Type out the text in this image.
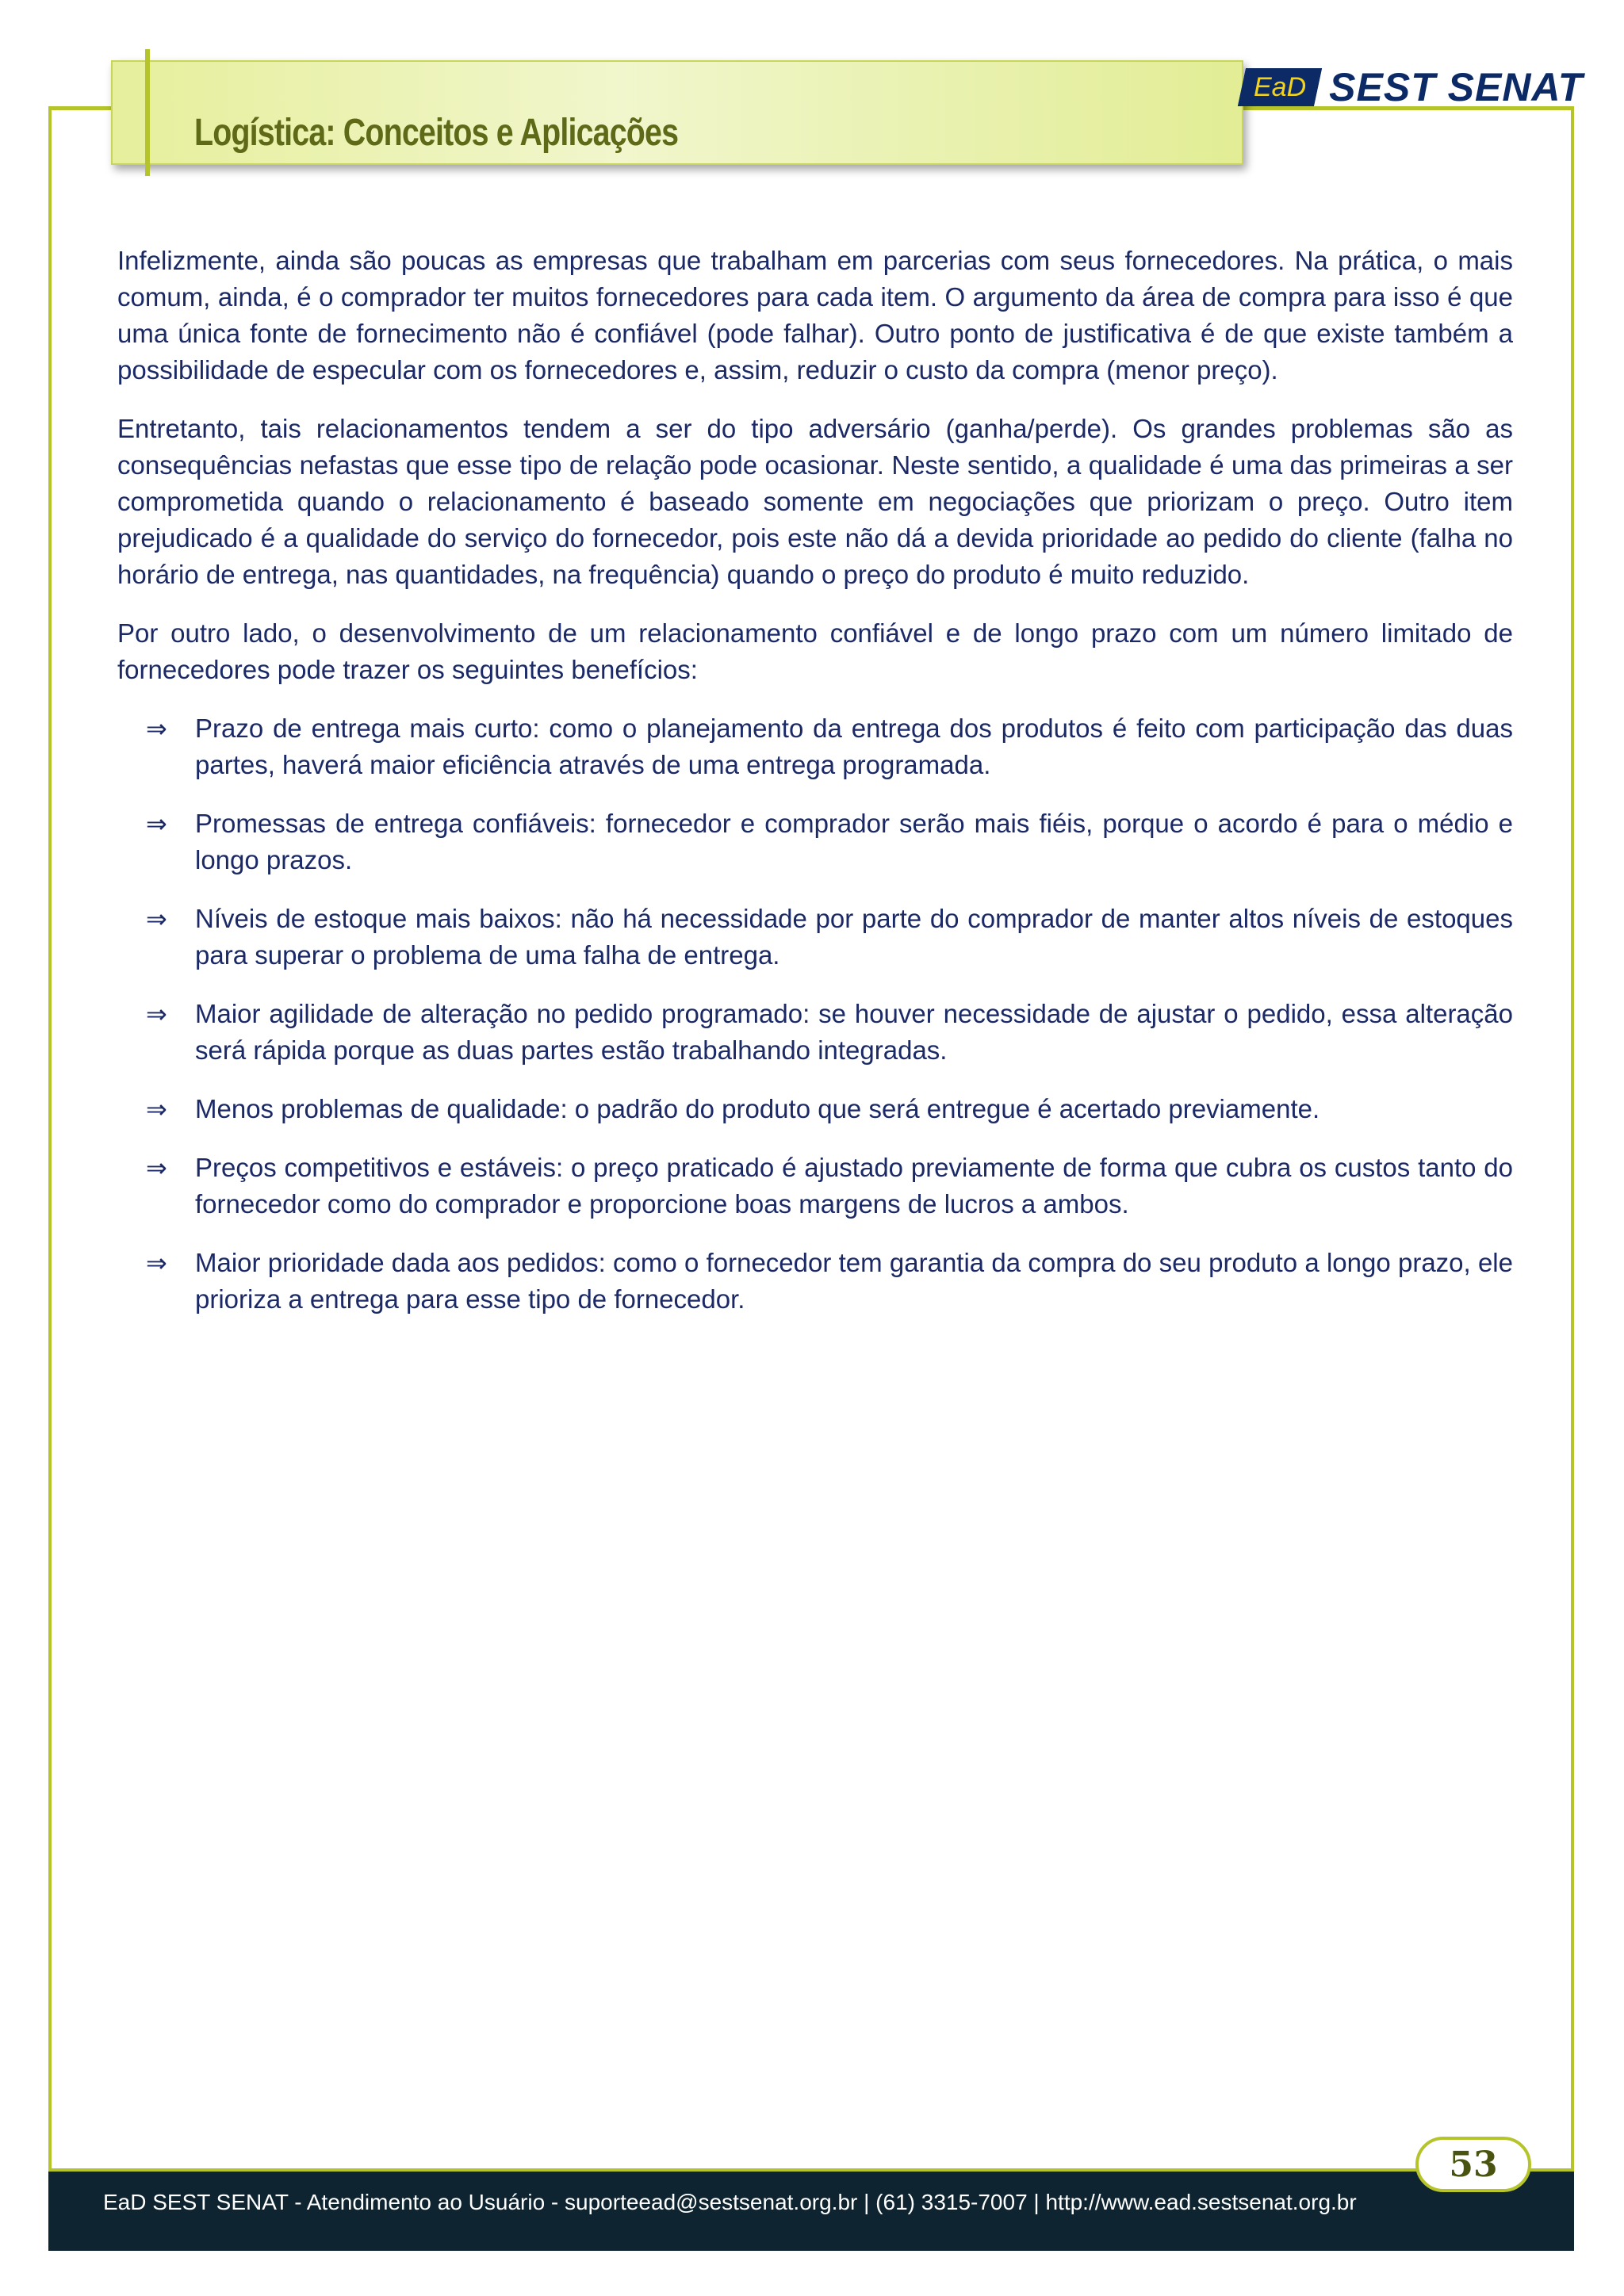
Logística: Conceitos e Aplicações
EaD SEST SENAT

Infelizmente, ainda são poucas as empresas que trabalham em parcerias com seus fornecedores. Na prática, o mais comum, ainda, é o comprador ter muitos fornecedores para cada item. O argumento da área de compra para isso é que uma única fonte de fornecimento não é confiável (pode falhar). Outro ponto de justificativa é de que existe também a possibilidade de especular com os fornecedores e, assim, reduzir o custo da compra (menor preço).

Entretanto, tais relacionamentos tendem a ser do tipo adversário (ganha/perde). Os grandes problemas são as consequências nefastas que esse tipo de relação pode ocasionar. Neste sentido, a qualidade é uma das primeiras a ser comprometida quando o relacionamento é baseado somente em negociações que priorizam o preço. Outro item prejudicado é a qualidade do serviço do fornecedor, pois este não dá a devida prioridade ao pedido do cliente (falha no horário de entrega, nas quantidades, na frequência) quando o preço do produto é muito reduzido.

Por outro lado, o desenvolvimento de um relacionamento confiável e de longo prazo com um número limitado de fornecedores pode trazer os seguintes benefícios:

⇒ Prazo de entrega mais curto: como o planejamento da entrega dos produtos é feito com participação das duas partes, haverá maior eficiência através de uma entrega programada.
⇒ Promessas de entrega confiáveis: fornecedor e comprador serão mais fiéis, porque o acordo é para o médio e longo prazos.
⇒ Níveis de estoque mais baixos: não há necessidade por parte do comprador de manter altos níveis de estoques para superar o problema de uma falha de entrega.
⇒ Maior agilidade de alteração no pedido programado: se houver necessidade de ajustar o pedido, essa alteração será rápida porque as duas partes estão trabalhando integradas.
⇒ Menos problemas de qualidade: o padrão do produto que será entregue é acertado previamente.
⇒ Preços competitivos e estáveis: o preço praticado é ajustado previamente de forma que cubra os custos tanto do fornecedor como do comprador e proporcione boas margens de lucros a ambos.
⇒ Maior prioridade dada aos pedidos: como o fornecedor tem garantia da compra do seu produto a longo prazo, ele prioriza a entrega para esse tipo de fornecedor.
EaD SEST SENAT - Atendimento ao Usuário - suporteead@sestsenat.org.br | (61) 3315-7007 | http://www.ead.sestsenat.org.br
53
